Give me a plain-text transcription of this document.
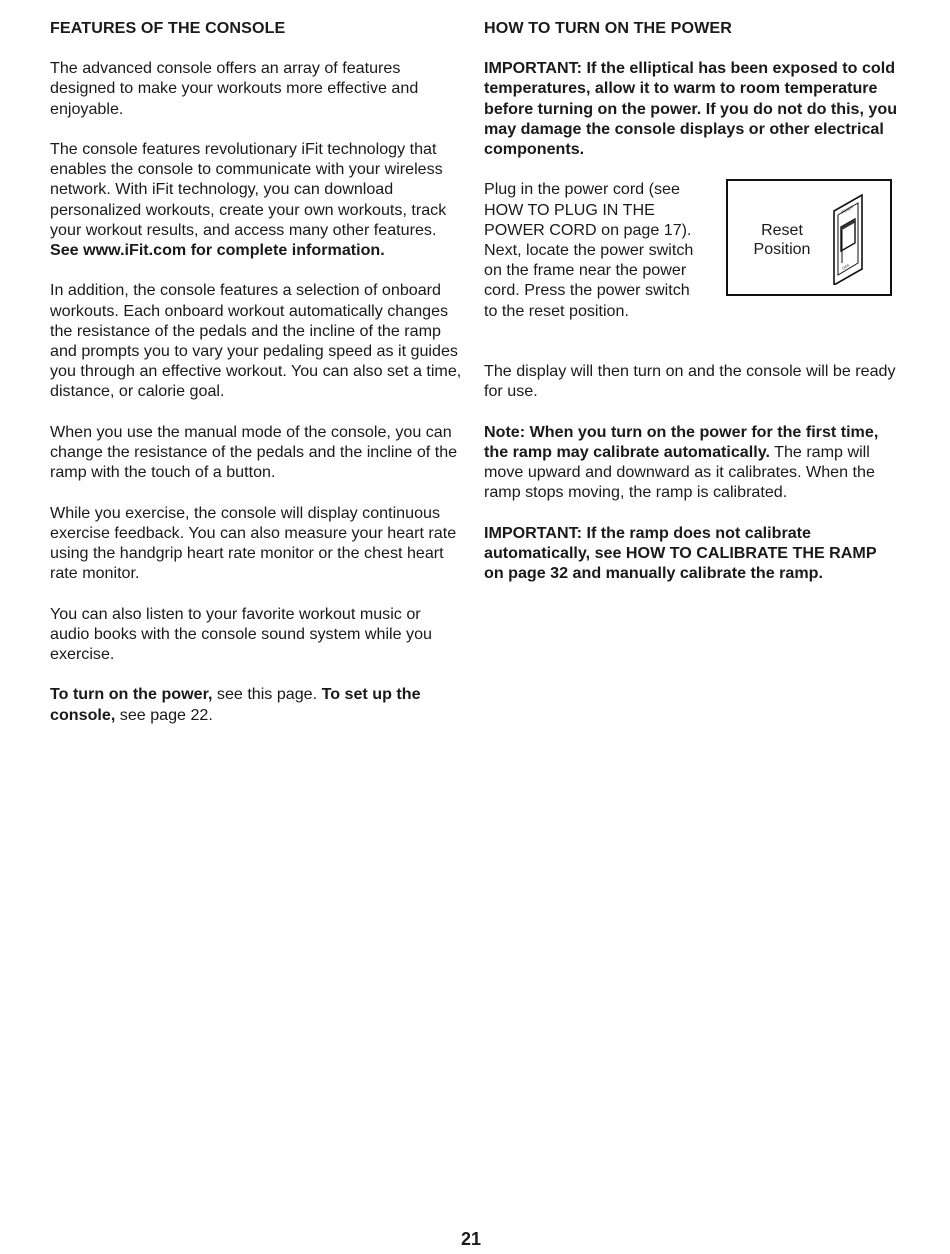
FEATURES OF THE CONSOLE

The advanced console offers an array of features designed to make your workouts more effective and enjoyable.

The console features revolutionary iFit technology that enables the console to communicate with your wireless network. With iFit technology, you can download personalized workouts, create your own workouts, track your workout results, and access many other features. See www.iFit.com for complete information.

In addition, the console features a selection of onboard workouts. Each onboard workout automatically changes the resistance of the pedals and the incline of the ramp and prompts you to vary your pedaling speed as it guides you through an effective workout. You can also set a time, distance, or calorie goal.

When you use the manual mode of the console, you can change the resistance of the pedals and the incline of the ramp with the touch of a button.

While you exercise, the console will display continuous exercise feedback. You can also measure your heart rate using the handgrip heart rate monitor or the chest heart rate monitor.

You can also listen to your favorite workout music or audio books with the console sound system while you exercise.

To turn on the power, see this page. To set up the console, see page 22.

HOW TO TURN ON THE POWER

IMPORTANT: If the elliptical has been exposed to cold temperatures, allow it to warm to room temperature before turning on the power. If you do not do this, you may damage the console displays or other electrical components.

Plug in the power cord (see HOW TO PLUG IN THE POWER CORD on page 17). Next, locate the power switch on the frame near the power cord. Press the power switch to the reset position.
Reset Position
RESET
OFF

The display will then turn on and the console will be ready for use.

Note: When you turn on the power for the first time, the ramp may calibrate automatically. The ramp will move upward and downward as it calibrates. When the ramp stops moving, the ramp is calibrated.

IMPORTANT: If the ramp does not calibrate automatically, see HOW TO CALIBRATE THE RAMP on page 32 and manually calibrate the ramp.

21
